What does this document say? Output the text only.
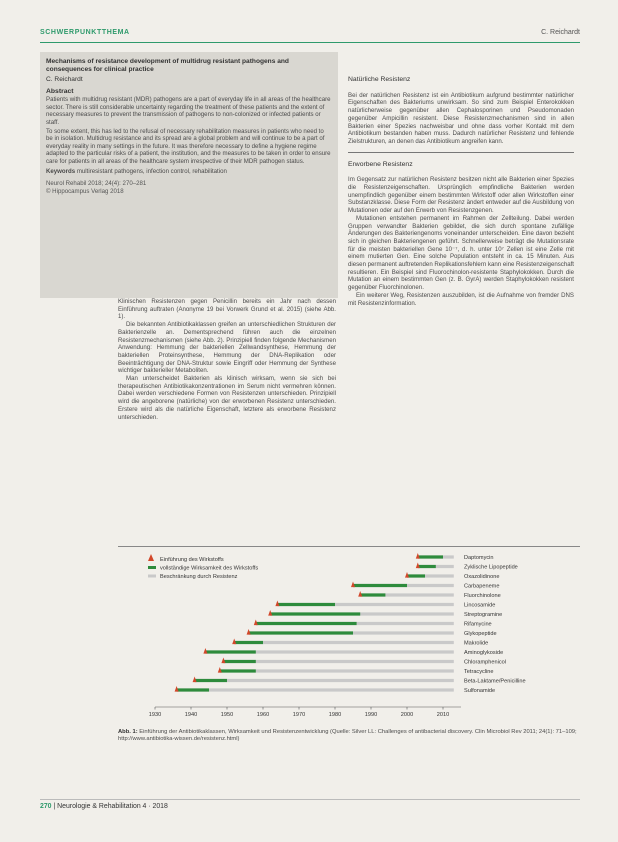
SCHWERPUNKTTHEMA	C. Reichardt
Mechanisms of resistance development of multidrug resistant pathogens and consequences for clinical practice
C. Reichardt
Abstract

Patients with multidrug resistant (MDR) pathogens are a part of everyday life in all areas of the healthcare sector. There is still considerable uncertainty regarding the treatment of these patients and the extent of necessary measures to prevent the transmission of pathogens to non-colonized or infected patients or staff.

To some extent, this has led to the refusal of necessary rehabilitation measures in patients who need to be in isolation. Multidrug resistance and its spread are a global problem and will continue to be a part of everyday reality in many settings in the future. It was therefore necessary to define a hygiene regime adapted to the particular risks of a patient, the institution, and the measures to be taken in order to ensure care for patients in all areas of the healthcare system irrespective of their MDR pathogen status.

Keywords multiresistant pathogens, infection control, rehabilitation
Neurol Rehabil 2018; 24(4): 270–281
© Hippocampus Verlag 2018

Klinischen Resistenzen gegen Penicillin bereits ein Jahr nach dessen Einführung auftraten (Anonyme 19 bei Vorwerk Grund et al. 2015) (siehe Abb. 1).

Die bekannten Antibiotikaklassen greifen an unterschiedlichen Strukturen der Bakterienzelle an. Dementsprechend führen auch die einzelnen Resistenzmechanismen (siehe Abb. 2). Prinzipiell finden folgende Mechanismen Anwendung: Hemmung der bakteriellen Zellwandsynthese, Hemmung der bakteriellen Proteinsynthese, Hemmung der DNA-Replikation oder Beeinträchtigung der DNA-Struktur sowie Eingriff oder Hemmung der Synthese wichtiger bakterieller Metaboliten.

Man unterscheidet Bakterien als klinisch wirksam, wenn sie sich bei therapeutischen Antibiotikakonzentrationen im Serum nicht vermehren können. Dabei werden verschiedene Formen von Resistenzen unterschieden. Prinzipiell wird die angeborene (natürliche) von der erworbenen Resistenz unterschieden. Erstere wird als die natürliche Eigenschaft, letztere als erworbene Resistenz unterschieden.

Natürliche Resistenz

Bei der natürlichen Resistenz ist ein Antibiotikum aufgrund bestimmter natürlicher Eigenschaften des Bakteriums unwirksam. So sind zum Beispiel Enterokokken natürlicherweise gegenüber allen Cephalosporinen und Pseudomonaden gegenüber Ampicillin resistent. Diese Resistenzmechanismen sind in allen Bakterien einer Spezies nachweisbar und ohne dass vorher Kontakt mit dem Antibiotikum bestanden haben muss. Dadurch natürlicher Resistenz und fehlende Zielstrukturen, an denen das Antibiotikum angreifen kann.

Erworbene Resistenz

Im Gegensatz zur natürlichen Resistenz besitzen nicht alle Bakterien einer Spezies die Resistenzeigenschaften. Ursprünglich empfindliche Bakterien werden unempfindlich gegenüber einem bestimmten Wirkstoff oder allen Wirkstoffen einer Substanzklasse. Diese Form der Resistenz ändert entweder auf die Ausbildung von Mutationen oder auf den Erwerb von Resistenzgenen.

Mutationen entstehen permanent im Rahmen der Zellteilung. Dabei werden Gruppen verwandter Bakterien gebildet, die sich durch spontane zufällige Änderungen des Bakteriengenoms voneinander unterscheiden. Eine davon bezieht sich in gleichen Bakteriengenen geführt. Schnellerweise beträgt die Mutationsrate für die meisten bakteriellen Gene 10⁻⁷, d. h. unter 10⁷ Zellen ist eine Zelle mit einem mutierten Gen. Eine solche Population entsteht in ca. 15 Minuten. Aus diesen permanent auftretenden Replikationsfehlern kann eine Resistenzeigenschaft resultieren. Ein Beispiel sind Fluorochinolon-resistente Staphylokokken. Durch die Mutation an einem bestimmten Gen (z. B. GyrA) werden Staphylokokken resistent gegenüber Fluorchinolonen.

Ein weiterer Weg, Resistenzen auszubilden, ist die Aufnahme von fremder DNS mit Resistenzinformation.

Einführung des Wirkstoffs
vollständige Wirksamkeit des Wirkstoffs
Beschränkung durch Resistenz
Daptomycin
Zyklische Lipopeptide
Oxazolidinone
Carbapeneme
Fluorchinolone
Lincosamide
Streptogramine
Rifamycine
Glykopeptide
Makrolide
Aminoglykoside
Chloramphenicol
Tetracycline
Beta-Laktame/Penicilline
Sulfonamide
1930	1940	1950	1960	1970	1980	1990	2000	2010
Abb. 1: Einführung der Antibiotikaklassen, Wirksamkeit und Resistenzentwicklung (Quelle: Silver LL: Challenges of antibacterial discovery. Clin Microbiol Rev 2011; 24(1): 71–109; http://www.antibiotika-wissen.de/resistenz.html)
270 | Neurologie & Rehabilitation 4 · 2018
